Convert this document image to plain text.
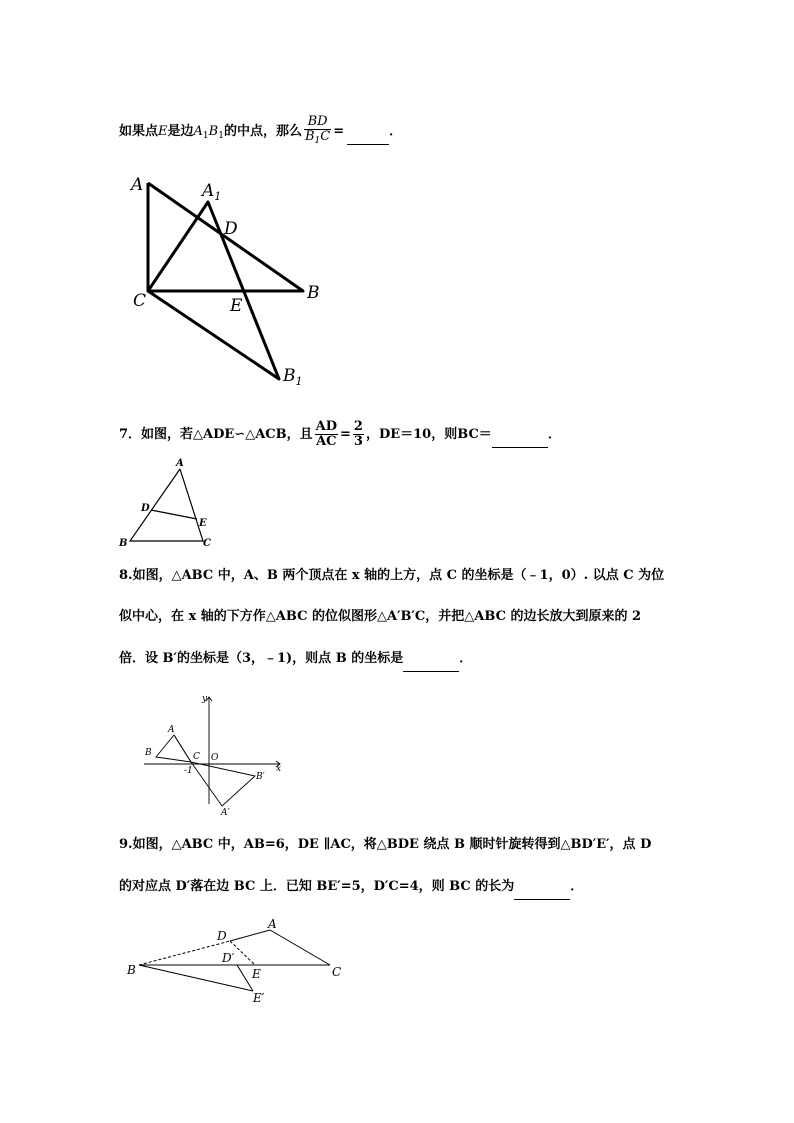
如果点E是边$A_1B_1$的中点，那么 $\frac{BD}{B_1C}$ =	．
A	$A_1$
D
B
C	E
$B_1$
7．如图，若△ADE∽△ACB，且 $\frac{AD}{AC} = \frac{2}{3}$ ，DE＝10，则BC＝	．
A
D
E
B	C
8.如图，△ABC 中，A、B 两个顶点在 x 轴的上方，点 C 的坐标是（﹣1，0）. 以点 C 为位
似中心，在 x 轴的下方作△ABC 的位似图形△A′B′C，并把△ABC 的边长放大到原来的 2
倍．设 B′的坐标是（3，﹣1)，则点 B 的坐标是	．
y
x
A
B	C O
-1
B′
A′
9.如图，△ABC 中，AB=6，DE ∥AC，将△BDE 绕点 B 顺时针旋转得到△BD′E′，点 D
的对应点 D′落在边 BC 上．已知 BE′=5，D′C=4，则 BC 的长为	．
A
D
D′
E
B	C
E′
